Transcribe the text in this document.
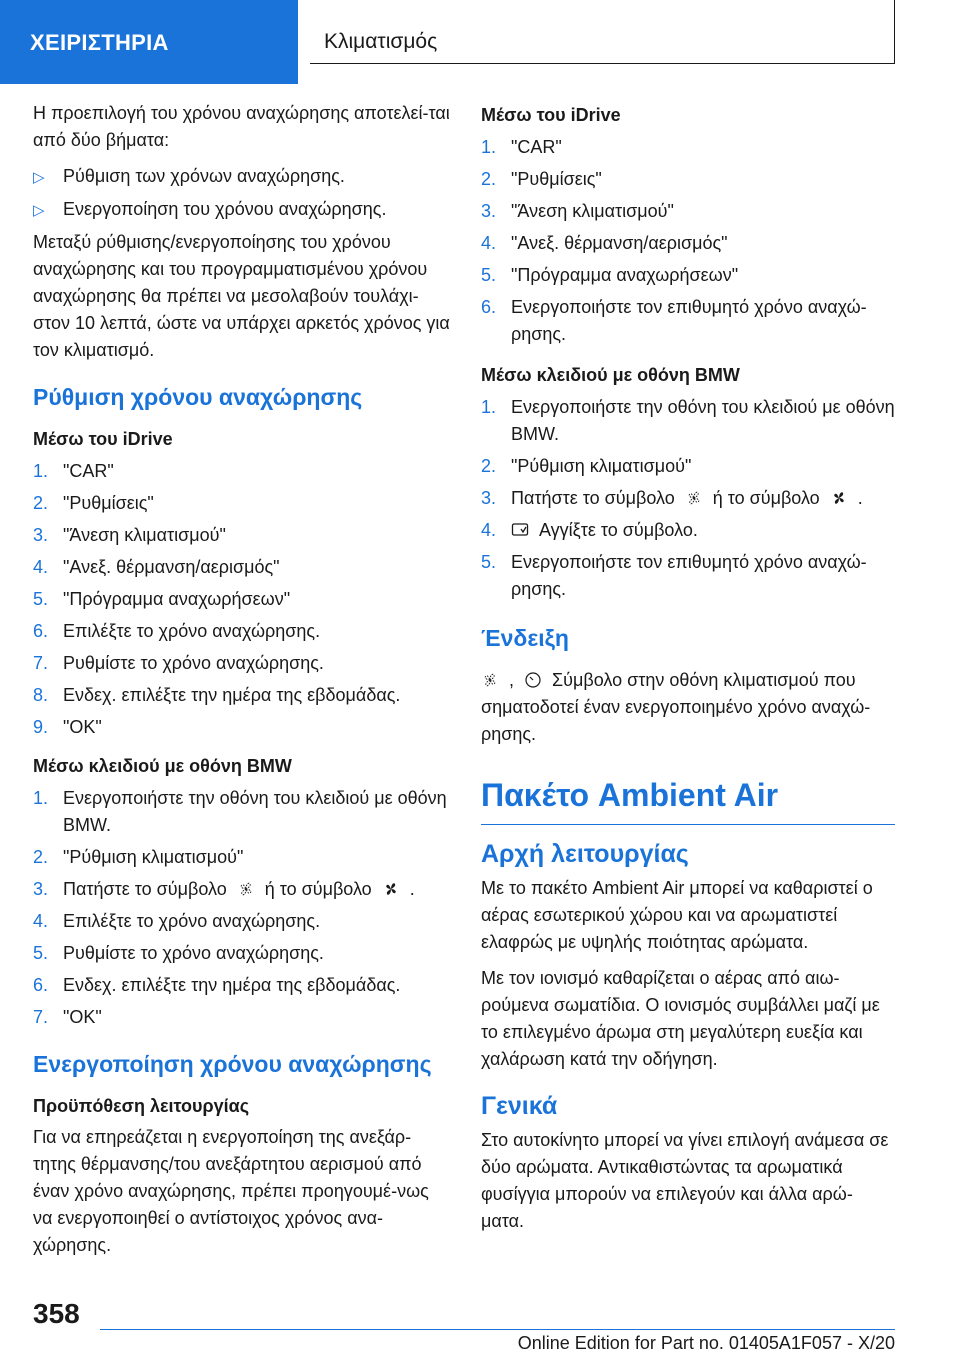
ΧΕΙΡΙΣΤΗΡΙΑ	Κλιματισμός

Η προεπιλογή του χρόνου αναχώρησης αποτελεί-ται από δύο βήματα:

▷ Ρύθμιση των χρόνων αναχώρησης.
▷ Ενεργοποίηση του χρόνου αναχώρησης.

Μεταξύ ρύθμισης/ενεργοποίησης του χρόνου αναχώρησης και του προγραμματισμένου χρόνου αναχώρησης θα πρέπει να μεσολαβούν τουλάχι-στον 10 λεπτά, ώστε να υπάρχει αρκετός χρόνος για τον κλιματισμό.

Ρύθμιση χρόνου αναχώρησης
Μέσω του iDrive
1. "CAR"
2. "Ρυθμίσεις"
3. "Άνεση κλιματισμού"
4. "Ανεξ. θέρμανση/αερισμός"
5. "Πρόγραμμα αναχωρήσεων"
6. Επιλέξτε το χρόνο αναχώρησης.
7. Ρυθμίστε το χρόνο αναχώρησης.
8. Ενδεχ. επιλέξτε την ημέρα της εβδομάδας.
9. "OK"
Μέσω κλειδιού με οθόνη BMW
1. Ενεργοποιήστε την οθόνη του κλειδιού με οθόνη BMW.
2. "Ρύθμιση κλιματισμού"
3. Πατήστε το σύμβολο ή το σύμβολο .
4. Επιλέξτε το χρόνο αναχώρησης.
5. Ρυθμίστε το χρόνο αναχώρησης.
6. Ενδεχ. επιλέξτε την ημέρα της εβδομάδας.
7. "OK"
Ενεργοποίηση χρόνου αναχώρησης
Προϋπόθεση λειτουργίας

Για να επηρεάζεται η ενεργοποίηση της ανεξάρ-τητης θέρμανσης/του ανεξάρτητου αερισμού από έναν χρόνο αναχώρησης, πρέπει προηγουμέ-νως να ενεργοποιηθεί ο αντίστοιχος χρόνος ανα-χώρησης.

Μέσω του iDrive
1. "CAR"
2. "Ρυθμίσεις"
3. "Άνεση κλιματισμού"
4. "Ανεξ. θέρμανση/αερισμός"
5. "Πρόγραμμα αναχωρήσεων"
6. Ενεργοποιήστε τον επιθυμητό χρόνο αναχώ-ρησης.
Μέσω κλειδιού με οθόνη BMW
1. Ενεργοποιήστε την οθόνη του κλειδιού με οθόνη BMW.
2. "Ρύθμιση κλιματισμού"
3. Πατήστε το σύμβολο ή το σύμβολο .
4. Αγγίξτε το σύμβολο.
5. Ενεργοποιήστε τον επιθυμητό χρόνο αναχώ-ρησης.
Ένδειξη

, Σύμβολο στην οθόνη κλιματισμού που σηματοδοτεί έναν ενεργοποιημένο χρόνο αναχώ-ρησης.

Πακέτο Ambient Air
Αρχή λειτουργίας

Με το πακέτο Ambient Air μπορεί να καθαριστεί ο αέρας εσωτερικού χώρου και να αρωματιστεί ελαφρώς με υψηλής ποιότητας αρώματα.

Με τον ιονισμό καθαρίζεται ο αέρας από αιω-ρούμενα σωματίδια. Ο ιονισμός συμβάλλει μαζί με το επιλεγμένο άρωμα στη μεγαλύτερη ευεξία και χαλάρωση κατά την οδήγηση.

Γενικά

Στο αυτοκίνητο μπορεί να γίνει επιλογή ανάμεσα σε δύο αρώματα. Αντικαθιστώντας τα αρωματικά φυσίγγια μπορούν να επιλεγούν και άλλα αρώ-ματα.

358
Online Edition for Part no. 01405A1F057 - X/20
